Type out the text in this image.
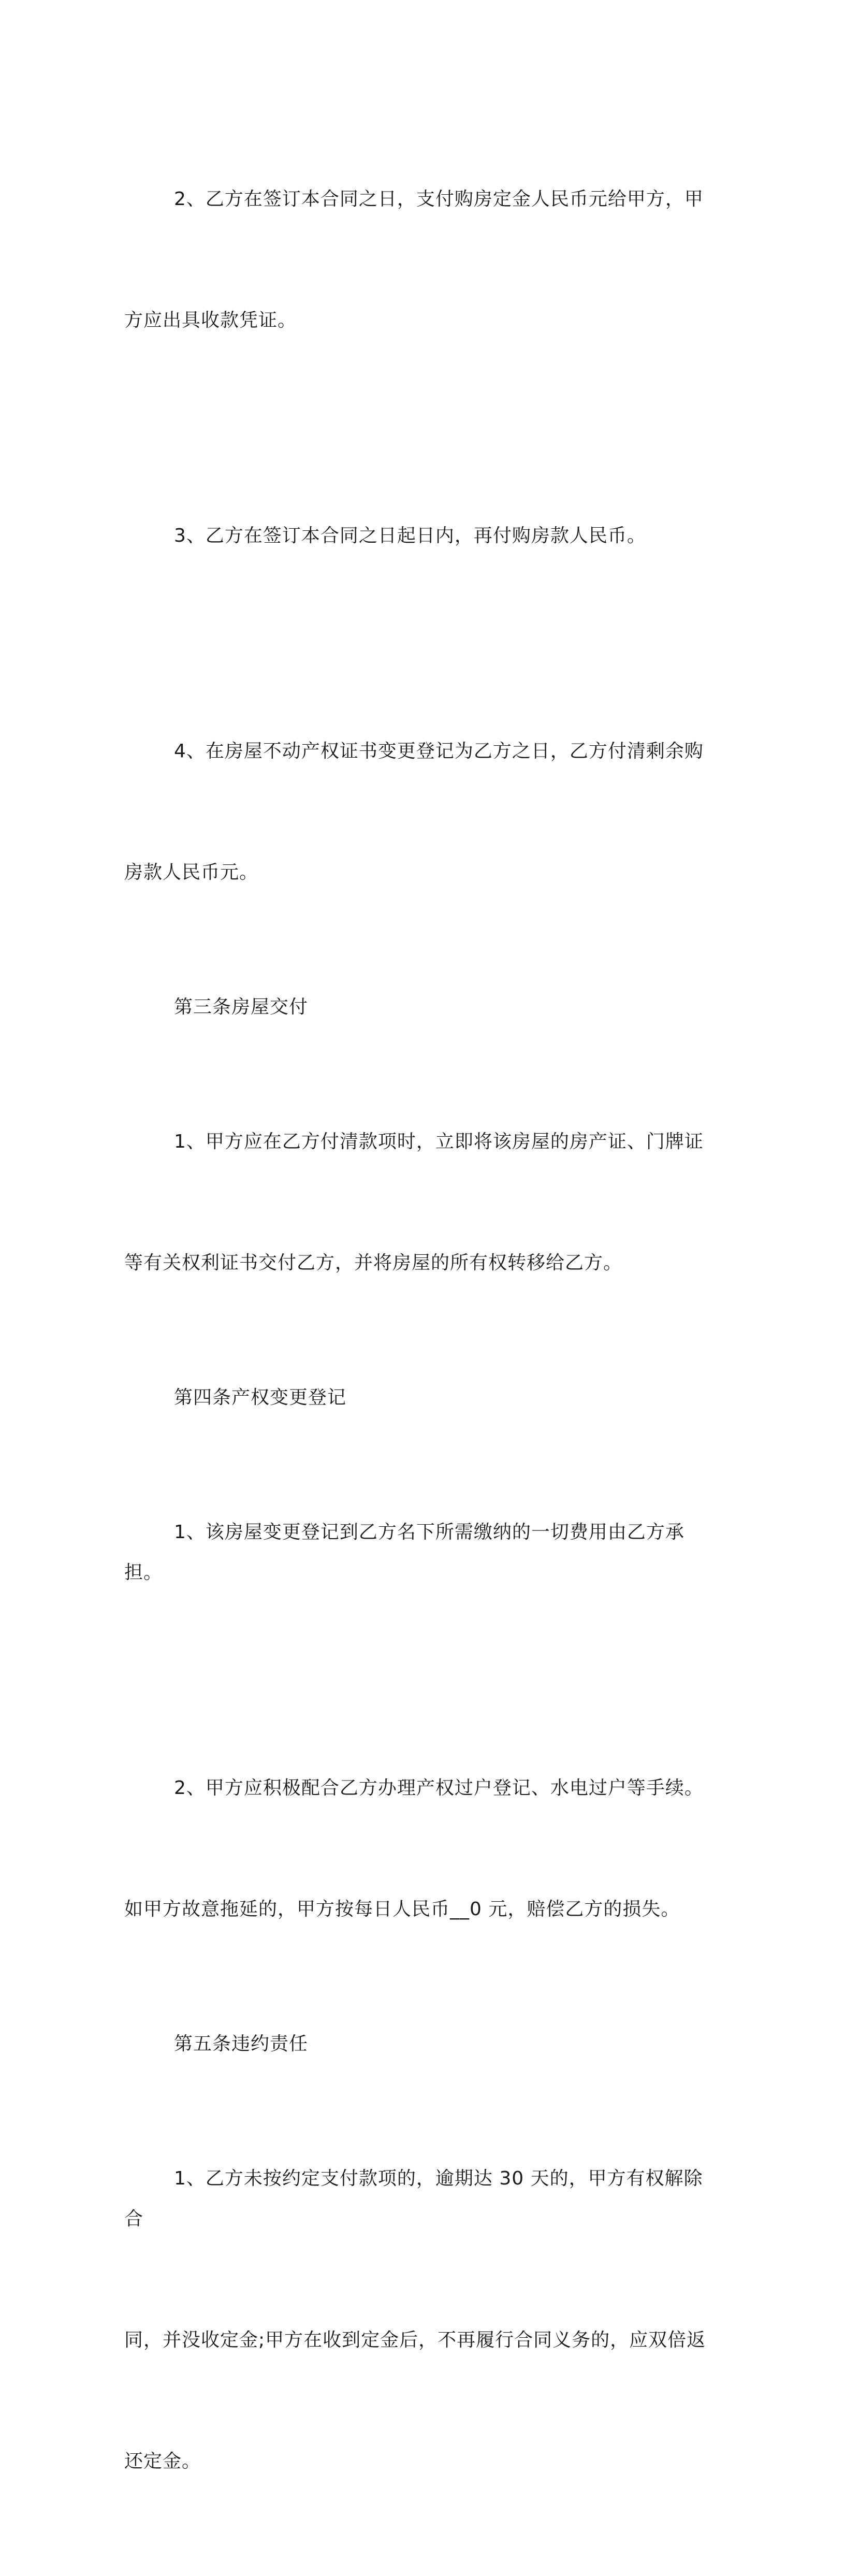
2、乙方在签订本合同之日，支付购房定金人民币元给甲方，甲

方应出具收款凭证。

3、乙方在签订本合同之日起日内，再付购房款人民币。

4、在房屋不动产权证书变更登记为乙方之日，乙方付清剩余购

房款人民币元。

第三条房屋交付

1、甲方应在乙方付清款项时，立即将该房屋的房产证、门牌证

等有关权利证书交付乙方，并将房屋的所有权转移给乙方。

第四条产权变更登记

1、该房屋变更登记到乙方名下所需缴纳的一切费用由乙方承担。

2、甲方应积极配合乙方办理产权过户登记、水电过户等手续。

如甲方故意拖延的，甲方按每日人民币__0 元，赔偿乙方的损失。

第五条违约责任

1、乙方未按约定支付款项的，逾期达 30 天的，甲方有权解除合

同，并没收定金;甲方在收到定金后，不再履行合同义务的，应双倍返

还定金。
